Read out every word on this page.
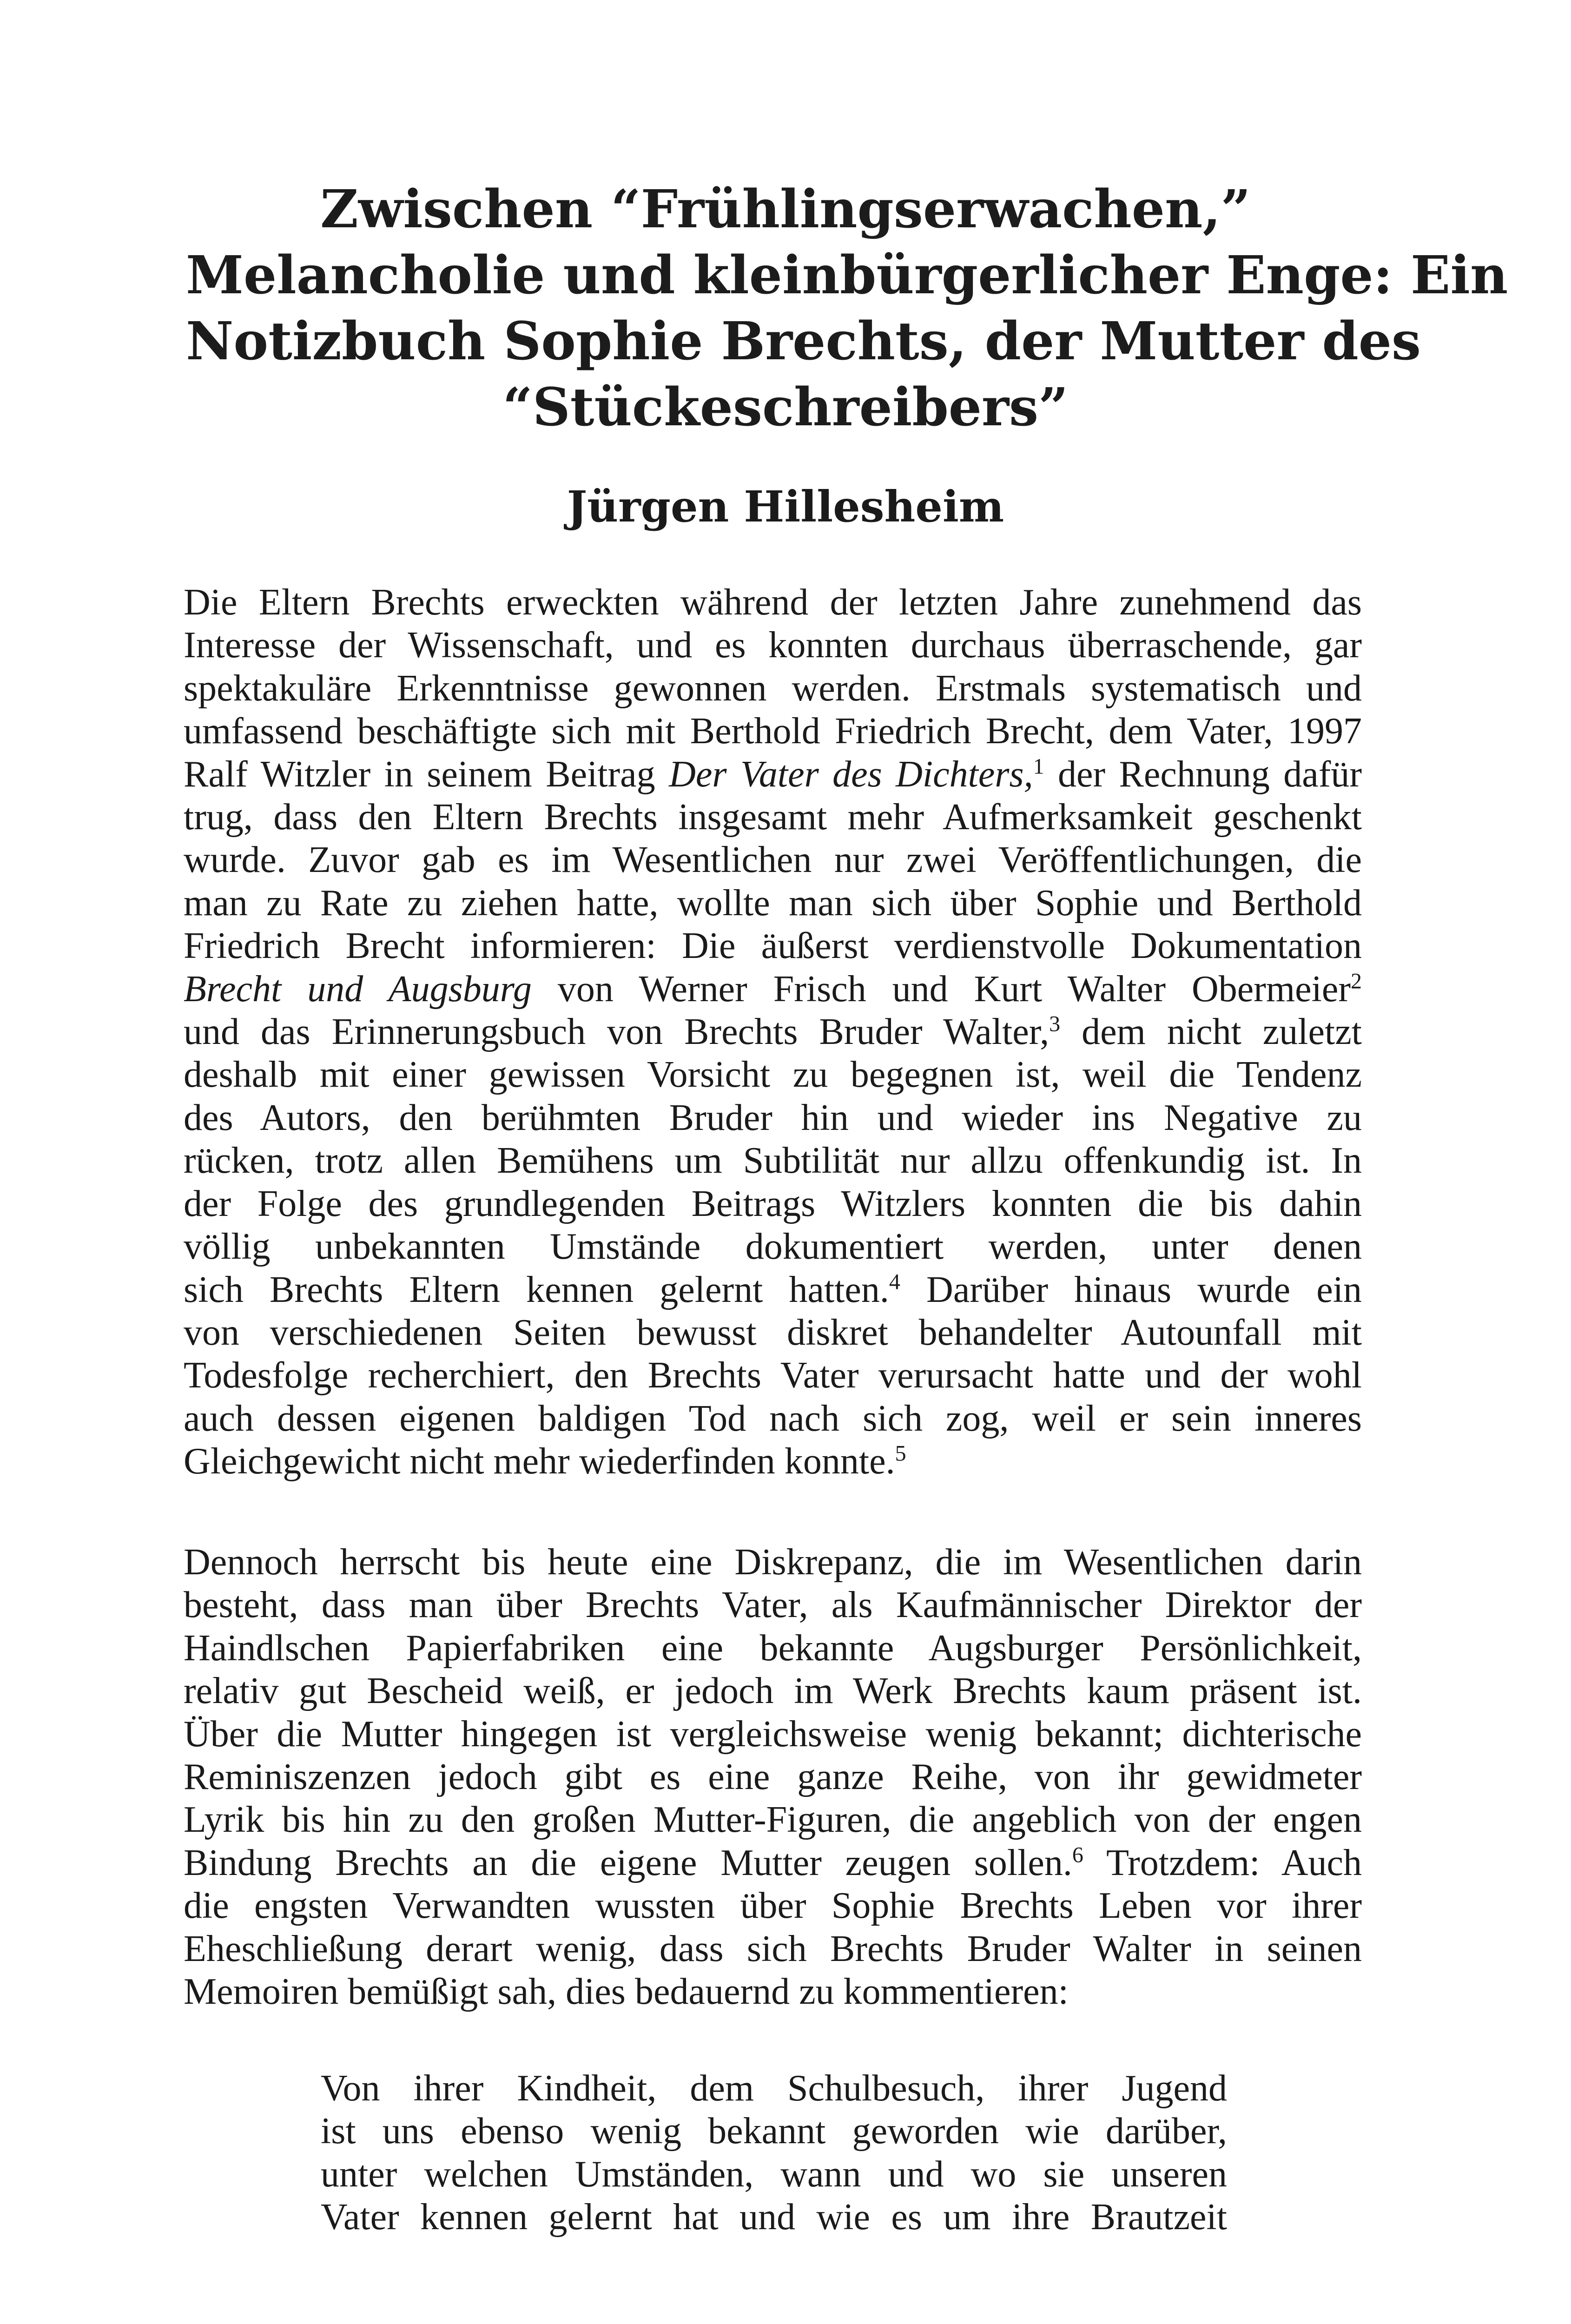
Zwischen “Frühlingserwachen,”
Melancholie und kleinbürgerlicher Enge: Ein
Notizbuch Sophie Brechts, der Mutter des
“Stückeschreibers”
Jürgen Hillesheim
Die Eltern Brechts erweckten während der letzten Jahre zunehmend das
Interesse der Wissenschaft, und es konnten durchaus überraschende, gar
spektakuläre Erkenntnisse gewonnen werden. Erstmals systematisch und
umfassend beschäftigte sich mit Berthold Friedrich Brecht, dem Vater, 1997
Ralf Witzler in seinem Beitrag Der Vater des Dichters,$^1$ der Rechnung dafür
trug, dass den Eltern Brechts insgesamt mehr Aufmerksamkeit geschenkt
wurde. Zuvor gab es im Wesentlichen nur zwei Veröffentlichungen, die
man zu Rate zu ziehen hatte, wollte man sich über Sophie und Berthold
Friedrich Brecht informieren: Die äußerst verdienstvolle Dokumentation
Brecht und Augsburg von Werner Frisch und Kurt Walter Obermeier$^2$
und das Erinnerungsbuch von Brechts Bruder Walter,$^3$ dem nicht zuletzt
deshalb mit einer gewissen Vorsicht zu begegnen ist, weil die Tendenz
des Autors, den berühmten Bruder hin und wieder ins Negative zu
rücken, trotz allen Bemühens um Subtilität nur allzu offenkundig ist. In
der Folge des grundlegenden Beitrags Witzlers konnten die bis dahin
völlig unbekannten Umstände dokumentiert werden, unter denen
sich Brechts Eltern kennen gelernt hatten.$^4$ Darüber hinaus wurde ein
von verschiedenen Seiten bewusst diskret behandelter Autounfall mit
Todesfolge recherchiert, den Brechts Vater verursacht hatte und der wohl
auch dessen eigenen baldigen Tod nach sich zog, weil er sein inneres
Gleichgewicht nicht mehr wiederfinden konnte.$^5$
Dennoch herrscht bis heute eine Diskrepanz, die im Wesentlichen darin
besteht, dass man über Brechts Vater, als Kaufmännischer Direktor der
Haindlschen Papierfabriken eine bekannte Augsburger Persönlichkeit,
relativ gut Bescheid weiß, er jedoch im Werk Brechts kaum präsent ist.
Über die Mutter hingegen ist vergleichsweise wenig bekannt; dichterische
Reminiszenzen jedoch gibt es eine ganze Reihe, von ihr gewidmeter
Lyrik bis hin zu den großen Mutter-Figuren, die angeblich von der engen
Bindung Brechts an die eigene Mutter zeugen sollen.$^6$ Trotzdem: Auch
die engsten Verwandten wussten über Sophie Brechts Leben vor ihrer
Eheschließung derart wenig, dass sich Brechts Bruder Walter in seinen
Memoiren bemüßigt sah, dies bedauernd zu kommentieren:
Von ihrer Kindheit, dem Schulbesuch, ihrer Jugend
ist uns ebenso wenig bekannt geworden wie darüber,
unter welchen Umständen, wann und wo sie unseren
Vater kennen gelernt hat und wie es um ihre Brautzeit
